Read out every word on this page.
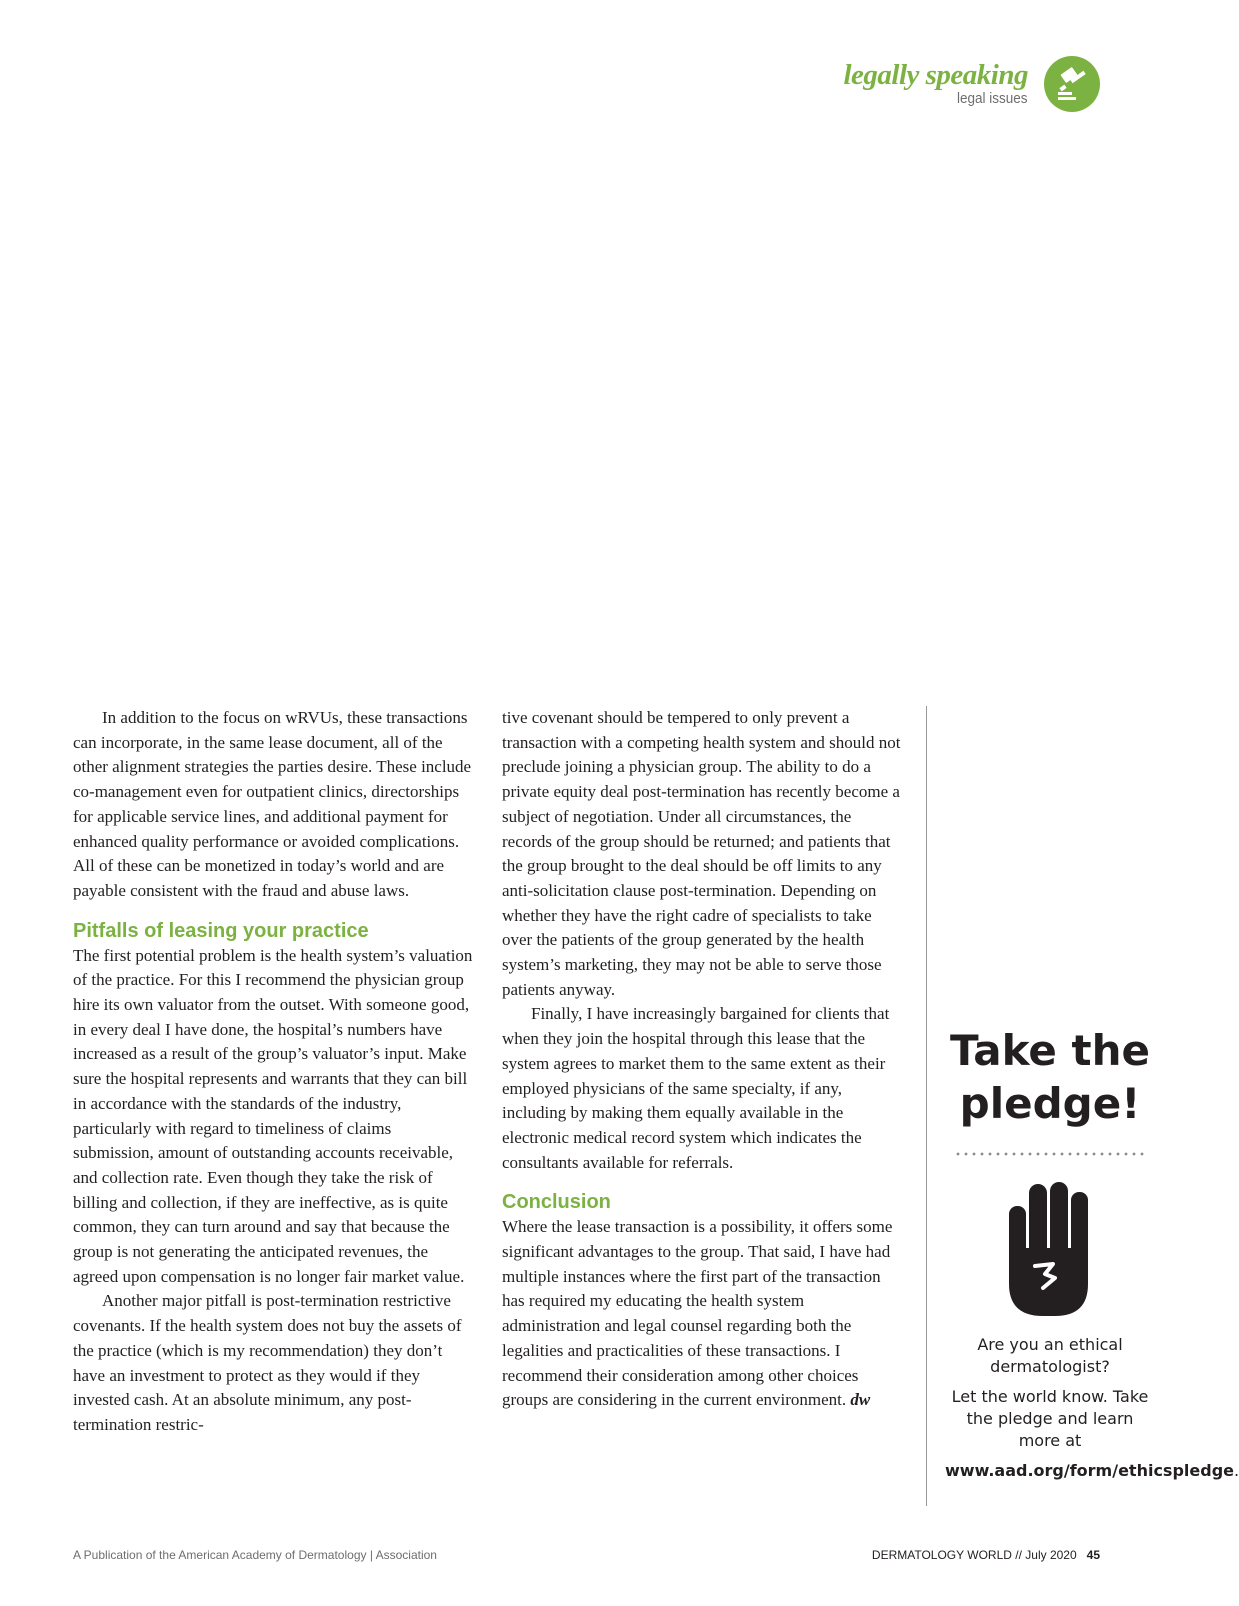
legally speaking
legal issues

In addition to the focus on wRVUs, these transactions can incorporate, in the same lease document, all of the other alignment strategies the parties desire. These include co-management even for outpatient clinics, directorships for applicable service lines, and additional payment for enhanced quality performance or avoided complications. All of these can be monetized in today’s world and are payable consistent with the fraud and abuse laws.

Pitfalls of leasing your practice

The first potential problem is the health system’s valuation of the practice. For this I recommend the physician group hire its own valuator from the outset. With someone good, in every deal I have done, the hospital’s numbers have increased as a result of the group’s valuator’s input. Make sure the hospital represents and warrants that they can bill in accordance with the standards of the industry, particularly with regard to timeliness of claims submission, amount of outstanding accounts receivable, and collection rate. Even though they take the risk of billing and collection, if they are ineffective, as is quite common, they can turn around and say that because the group is not generating the anticipated revenues, the agreed upon compensation is no longer fair market value.

Another major pitfall is post-termination restrictive covenants. If the health system does not buy the assets of the practice (which is my recommendation) they don’t have an investment to protect as they would if they invested cash. At an absolute minimum, any post-termination restric-

tive covenant should be tempered to only prevent a transaction with a competing health system and should not preclude joining a physician group. The ability to do a private equity deal post-termination has recently become a subject of negotiation. Under all circumstances, the records of the group should be returned; and patients that the group brought to the deal should be off limits to any anti-solicitation clause post-termination. Depending on whether they have the right cadre of specialists to take over the patients of the group generated by the health system’s marketing, they may not be able to serve those patients anyway.

Finally, I have increasingly bargained for clients that when they join the hospital through this lease that the system agrees to market them to the same extent as their employed physicians of the same specialty, if any, including by making them equally available in the electronic medical record system which indicates the consultants available for referrals.

Conclusion

Where the lease transaction is a possibility, it offers some significant advantages to the group. That said, I have had multiple instances where the first part of the transaction has required my educating the health system administration and legal counsel regarding both the legalities and practicalities of these transactions. I recommend their consideration among other choices groups are considering in the current environment. dw

Take the pledge!

Are you an ethical dermatologist?

Let the world know. Take the pledge and learn more at

www.aad.org/form/ethicspledge.

A Publication of the American Academy of Dermatology | Association	DERMATOLOGY WORLD // July 2020 45
